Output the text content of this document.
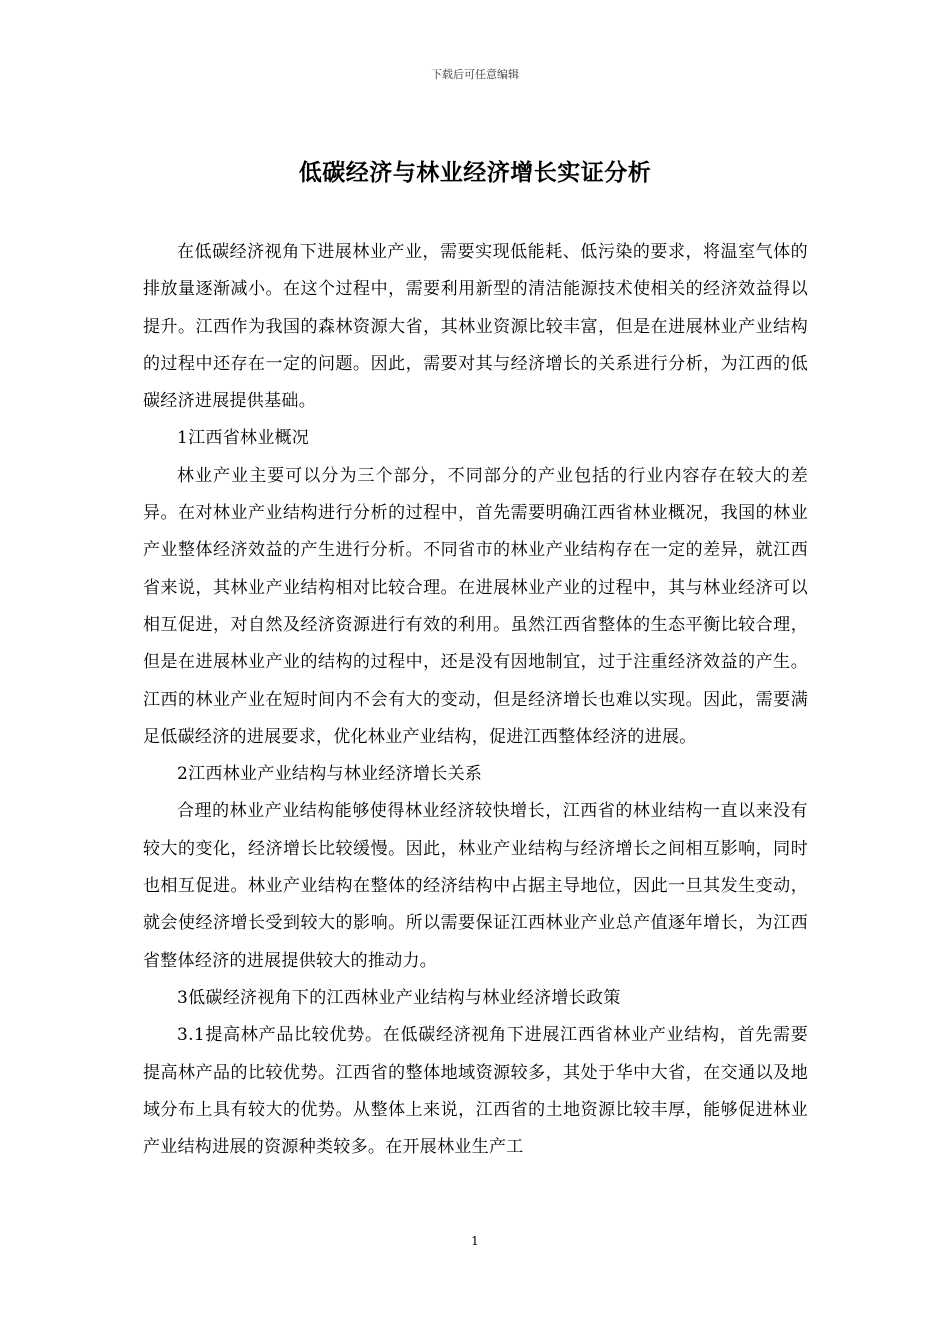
下载后可任意编辑
低碳经济与林业经济增长实证分析

在低碳经济视角下进展林业产业，需要实现低能耗、低污染的要求，将温室气体的排放量逐渐减小。在这个过程中，需要利用新型的清洁能源技术使相关的经济效益得以提升。江西作为我国的森林资源大省，其林业资源比较丰富，但是在进展林业产业结构的过程中还存在一定的问题。因此，需要对其与经济增长的关系进行分析，为江西的低碳经济进展提供基础。

1江西省林业概况

林业产业主要可以分为三个部分，不同部分的产业包括的行业内容存在较大的差异。在对林业产业结构进行分析的过程中，首先需要明确江西省林业概况，我国的林业产业整体经济效益的产生进行分析。不同省市的林业产业结构存在一定的差异，就江西省来说，其林业产业结构相对比较合理。在进展林业产业的过程中，其与林业经济可以相互促进，对自然及经济资源进行有效的利用。虽然江西省整体的生态平衡比较合理，但是在进展林业产业的结构的过程中，还是没有因地制宜，过于注重经济效益的产生。江西的林业产业在短时间内不会有大的变动，但是经济增长也难以实现。因此，需要满足低碳经济的进展要求，优化林业产业结构，促进江西整体经济的进展。

2江西林业产业结构与林业经济增长关系

合理的林业产业结构能够使得林业经济较快增长，江西省的林业结构一直以来没有较大的变化，经济增长比较缓慢。因此，林业产业结构与经济增长之间相互影响，同时也相互促进。林业产业结构在整体的经济结构中占据主导地位，因此一旦其发生变动，就会使经济增长受到较大的影响。所以需要保证江西林业产业总产值逐年增长，为江西省整体经济的进展提供较大的推动力。

3低碳经济视角下的江西林业产业结构与林业经济增长政策

3.1提高林产品比较优势。在低碳经济视角下进展江西省林业产业结构，首先需要提高林产品的比较优势。江西省的整体地域资源较多，其处于华中大省，在交通以及地域分布上具有较大的优势。从整体上来说，江西省的土地资源比较丰厚，能够促进林业产业结构进展的资源种类较多。在开展林业生产工

1
